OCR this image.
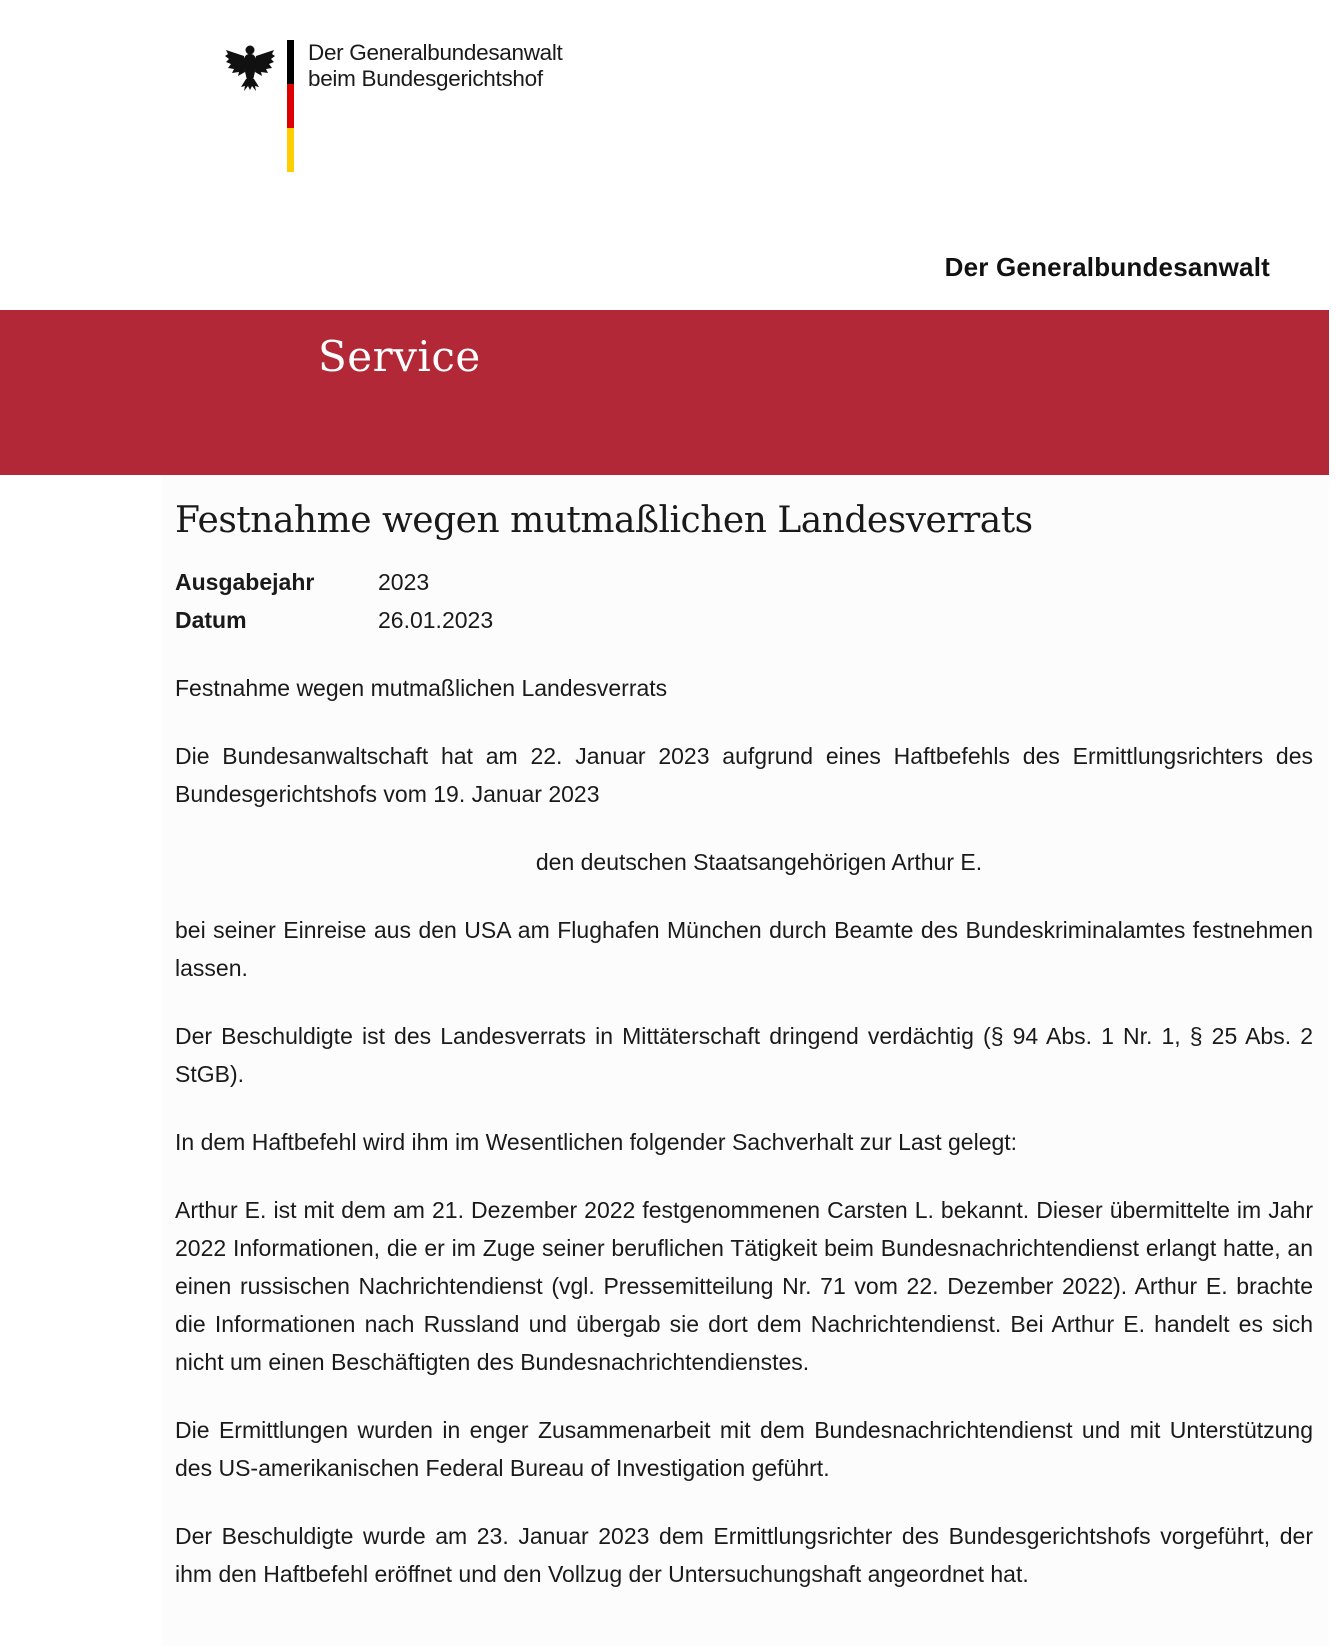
Der Generalbundesanwalt
beim Bundesgerichtshof
Der Generalbundesanwalt
Service
Festnahme wegen mutmaßlichen Landesverrats
Ausgabejahr	2023
Datum	26.01.2023

Festnahme wegen mutmaßlichen Landesverrats

Die Bundesanwaltschaft hat am 22. Januar 2023 aufgrund eines Haftbefehls des Ermittlungsrichters des Bundesgerichtshofs vom 19. Januar 2023

den deutschen Staatsangehörigen Arthur E.

bei seiner Einreise aus den USA am Flughafen München durch Beamte des Bundeskriminalamtes festnehmen lassen.

Der Beschuldigte ist des Landesverrats in Mittäterschaft dringend verdächtig (§ 94 Abs. 1 Nr. 1, § 25 Abs. 2 StGB).

In dem Haftbefehl wird ihm im Wesentlichen folgender Sachverhalt zur Last gelegt:

Arthur E. ist mit dem am 21. Dezember 2022 festgenommenen Carsten L. bekannt. Dieser übermittelte im Jahr 2022 Informationen, die er im Zuge seiner beruflichen Tätigkeit beim Bundesnachrichtendienst erlangt hatte, an einen russischen Nachrichtendienst (vgl. Pressemitteilung Nr. 71 vom 22. Dezember 2022). Arthur E. brachte die Informationen nach Russland und übergab sie dort dem Nachrichtendienst. Bei Arthur E. handelt es sich nicht um einen Beschäftigten des Bundesnachrichtendienstes.

Die Ermittlungen wurden in enger Zusammenarbeit mit dem Bundesnachrichtendienst und mit Unterstützung des US-amerikanischen Federal Bureau of Investigation geführt.

Der Beschuldigte wurde am 23. Januar 2023 dem Ermittlungsrichter des Bundesgerichtshofs vorgeführt, der ihm den Haftbefehl eröffnet und den Vollzug der Untersuchungshaft angeordnet hat.
